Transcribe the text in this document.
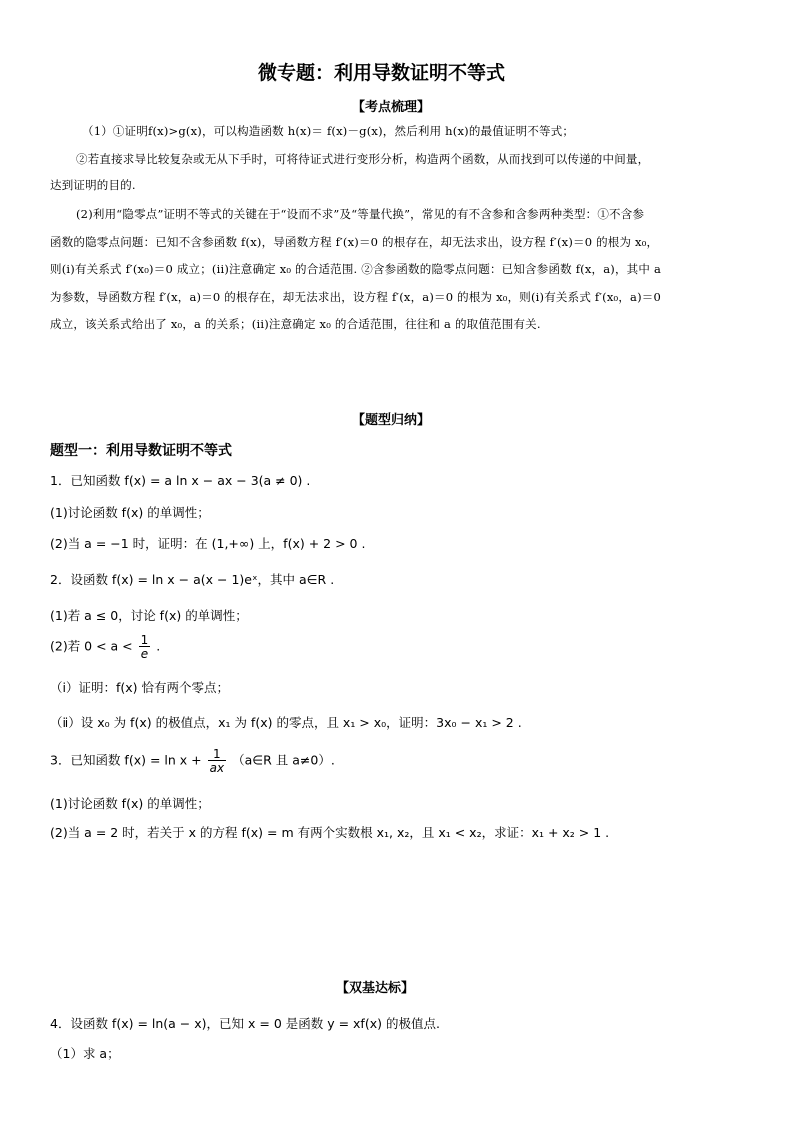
微专题：利用导数证明不等式
【考点梳理】
（1）①证明f(x)>g(x)，可以构造函数 h(x)＝ f(x)－g(x)，然后利用 h(x)的最值证明不等式；
②若直接求导比较复杂或无从下手时，可将待证式进行变形分析，构造两个函数，从而找到可以传递的中间量，
达到证明的目的.
(2)利用“隐零点”证明不等式的关键在于“设而不求”及“等量代换”，常见的有不含参和含参两种类型：①不含参
函数的隐零点问题：已知不含参函数 f(x)，导函数方程 f′(x)＝0 的根存在，却无法求出，设方程 f′(x)＝0 的根为 x₀，
则(i)有关系式 f′(x₀)＝0 成立；(ii)注意确定 x₀ 的合适范围. ②含参函数的隐零点问题：已知含参函数 f(x，a)，其中 a
为参数，导函数方程 f′(x，a)＝0 的根存在，却无法求出，设方程 f′(x，a)＝0 的根为 x₀，则(i)有关系式 f′(x₀，a)＝0
成立，该关系式给出了 x₀，a 的关系；(ii)注意确定 x₀ 的合适范围，往往和 a 的取值范围有关.
【题型归纳】
题型一：利用导数证明不等式
1．已知函数 f(x) = a ln x − ax − 3(a ≠ 0) .
(1)讨论函数 f(x) 的单调性；
(2)当 a = −1 时，证明：在 (1,+∞) 上，f(x) + 2 > 0 .
2．设函数 f(x) = ln x − a(x − 1)eˣ，其中 a∈R .
(1)若 a ≤ 0，讨论 f(x) 的单调性；
(2)若 $0 < a < \frac{1}{e}$ .
（ⅰ）证明：f(x) 恰有两个零点；
（ⅱ）设 x₀ 为 f(x) 的极值点，x₁ 为 f(x) 的零点，且 x₁ > x₀，证明：3x₀ − x₁ > 2 .
3．已知函数 $f(x) = \ln x + \frac{1}{ax}$ （a∈R 且 a≠0）.
(1)讨论函数 f(x) 的单调性；
(2)当 a = 2 时，若关于 x 的方程 f(x) = m 有两个实数根 x₁, x₂，且 x₁ < x₂，求证：x₁ + x₂ > 1 .
【双基达标】
4．设函数 f(x) = ln(a − x)，已知 x = 0 是函数 y = xf(x) 的极值点.
（1）求 a；
